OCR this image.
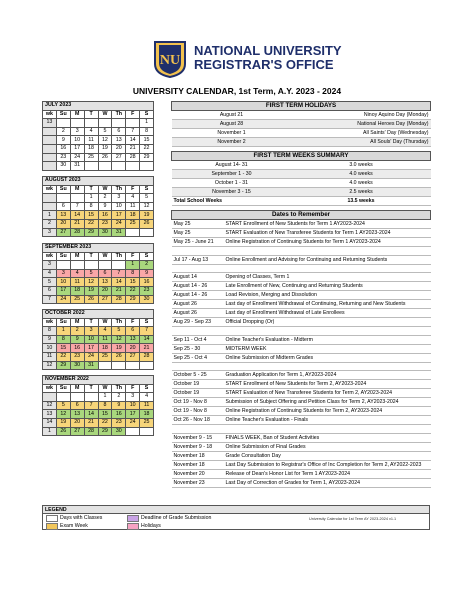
NU
NATIONAL UNIVERSITY
REGISTRAR'S OFFICE
UNIVERSITY CALENDAR, 1st Term, A.Y. 2023 - 2024
JULY 2023							
wk	Su	M	T	W	Th	F	S
13							1
	2	3	4	5	6	7	8
	9	10	11	12	13	14	15
	16	17	18	19	20	21	22
	23	24	25	26	27	28	29
	30	31					
AUGUST 2023							
wk	Su	M	T	W	Th	F	S
			1	2	3	4	5
	6	7	8	9	10	11	12
1	13	14	15	16	17	18	19
2	20	21	22	23	24	25	26
3	27	28	29	30	31		
SEPTEMBER 2023							
wk	Su	M	T	W	Th	F	S
3						1	2
4	3	4	5	6	7	8	9
5	10	11	12	13	14	15	16
6	17	18	19	20	21	22	23
7	24	25	26	27	28	29	30
OCTOBER 2022							
wk	Su	M	T	W	Th	F	S
8	1	2	3	4	5	6	7
9	8	9	10	11	12	13	14
10	15	16	17	18	19	20	21
11	22	23	24	25	26	27	28
12	29	30	31				
NOVEMBER 2022							
wk	Su	M	T	W	Th	F	S
				1	2	3	4
12	5	6	7	8	9	10	11
13	12	13	14	15	16	17	18
14	19	20	21	22	23	24	25
1	26	27	28	29	30		
FIRST TERM HOLIDAYS	
August 21	Ninoy Aquino Day (Monday)
August 28	National Heroes Day (Monday)
November 1	All Saints' Day (Wednesday)
November 2	All Souls' Day (Thursday)
FIRST TERM WEEKS SUMMARY	
August 14- 31	3.0 weeks
September 1 - 30	4.0 weeks
October 1 - 31	4.0 weeks
November 3 - 15	2.5 weeks
Total School Weeks	13.5 weeks
Dates to Remember	
May 25	START Enrollment of New Students for Term 1 AY2023-2024
May 25	START Evaluation of New Transferee Students for Term 1 AY2023-2024
May 25 - June 21	Online Registration of Continuing Students for Term 1 AY2023-2024

Jul 17 - Aug 13	Online Enrollment and Advising for Continuing and Returning Students

August 14	Opening of Classes, Term 1
August 14 - 26	Late Enrollment of New, Continuing and Returning Students
August 14 - 26	Load Revision, Merging and Dissolution
August 26	Last day of Enrollment Withdrawal of Continuing, Returning and New Students
August 26	Last day of Enrollment Withdrawal of Late Enrollees
Aug 29 - Sep 23	Official Dropping (Or)

Sep 11 - Oct 4	Online Teacher's Evaluation - Midterm
Sep 25 - 30	MIDTERM WEEK
Sep 25 - Oct 4	Online Submission of Midterm Grades

October 5 - 25	Graduation Application for Term 1, AY2023-2024
October 19	START Enrollment of New Students for Term 2, AY2023-2024
October 19	START Evaluation of New Transferee Students for Term 2, AY2023-2024
Oct 19 - Nov 8	Submission of Subject Offering and Petition Class for Term 2, AY2023-2024
Oct 19 - Nov 8	Online Registration of Continuing Students for Term 2, AY2023-2024
Oct 26 - Nov 18	Online Teacher's Evaluation - Finals

November 9 - 15	FINALS WEEK, Ban of Student Activities
November 9 - 18	Online Submission of Final Grades
November 18	Grade Consultation Day
November 18	Last Day Submission to Registrar's Office of Inc Completion for Term 2, AY2022-2023
November 20	Release of Dean's Honor List for Term 1 AY2023-2024
November 23	Last Day of Correction of Grades for Term 1, AY2023-2024
LEGEND
Days with Classes
Exam Week
Deadline of Grade Submission
Holidays
University Calendar for 1st Term AY 2023-2024 v1.1
